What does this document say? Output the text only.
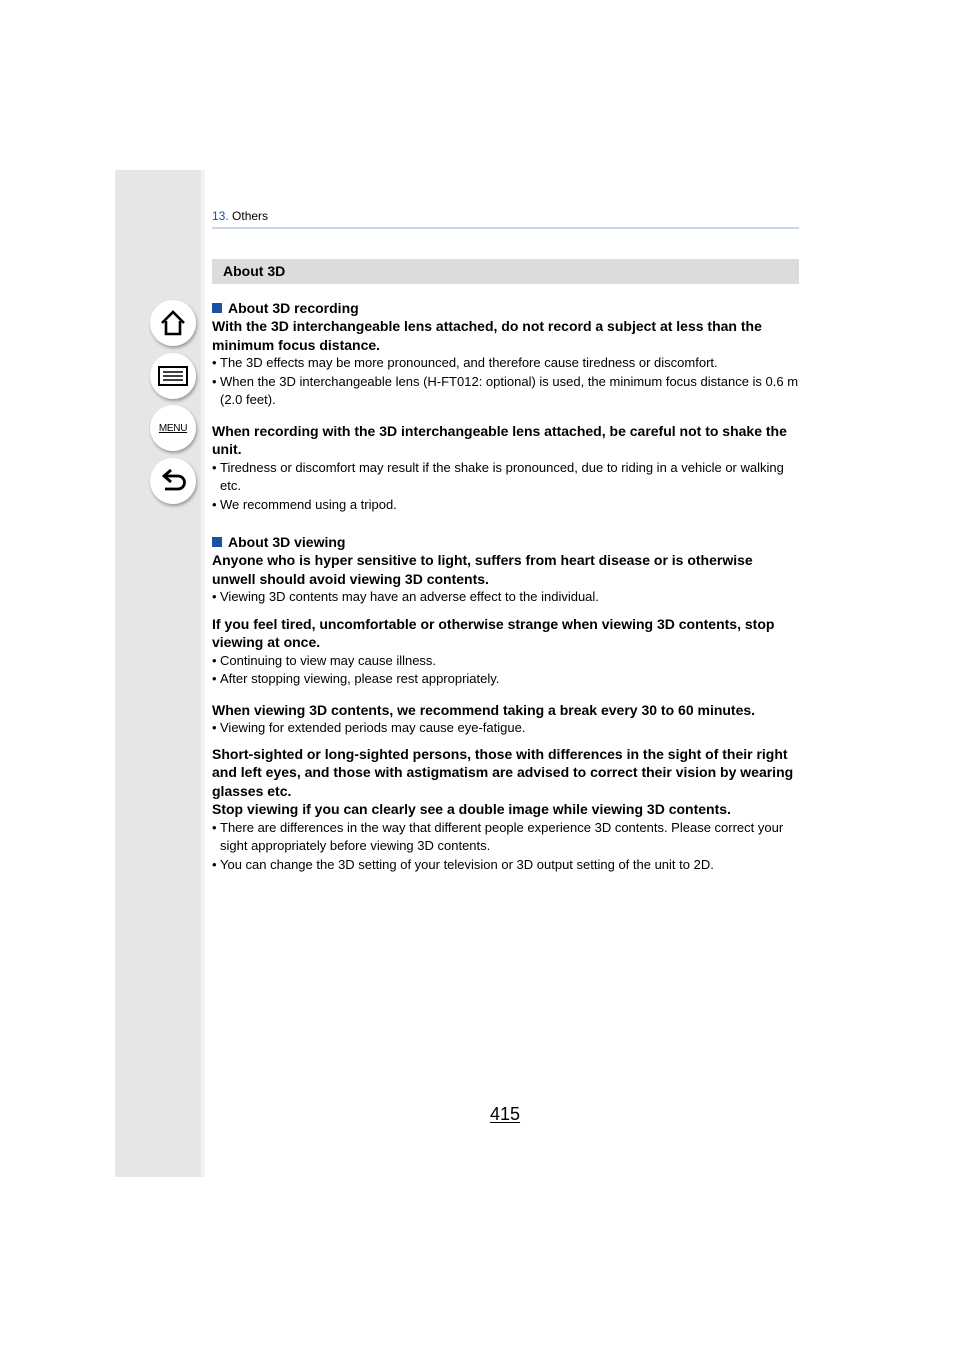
MENU
13. Others
About 3D

About 3D recording

With the 3D interchangeable lens attached, do not record a subject at less than the minimum focus distance.

• The 3D effects may be more pronounced, and therefore cause tiredness or discomfort.

• When the 3D interchangeable lens (H-FT012: optional) is used, the minimum focus distance is 0.6 m (2.0 feet).

When recording with the 3D interchangeable lens attached, be careful not to shake the unit.

• Tiredness or discomfort may result if the shake is pronounced, due to riding in a vehicle or walking etc.

• We recommend using a tripod.

About 3D viewing

Anyone who is hyper sensitive to light, suffers from heart disease or is otherwise unwell should avoid viewing 3D contents.

• Viewing 3D contents may have an adverse effect to the individual.

If you feel tired, uncomfortable or otherwise strange when viewing 3D contents, stop viewing at once.

• Continuing to view may cause illness.

• After stopping viewing, please rest appropriately.

When viewing 3D contents, we recommend taking a break every 30 to 60 minutes.

• Viewing for extended periods may cause eye-fatigue.

Short-sighted or long-sighted persons, those with differences in the sight of their right and left eyes, and those with astigmatism are advised to correct their vision by wearing glasses etc.

Stop viewing if you can clearly see a double image while viewing 3D contents.

• There are differences in the way that different people experience 3D contents. Please correct your sight appropriately before viewing 3D contents.

• You can change the 3D setting of your television or 3D output setting of the unit to 2D.

415
